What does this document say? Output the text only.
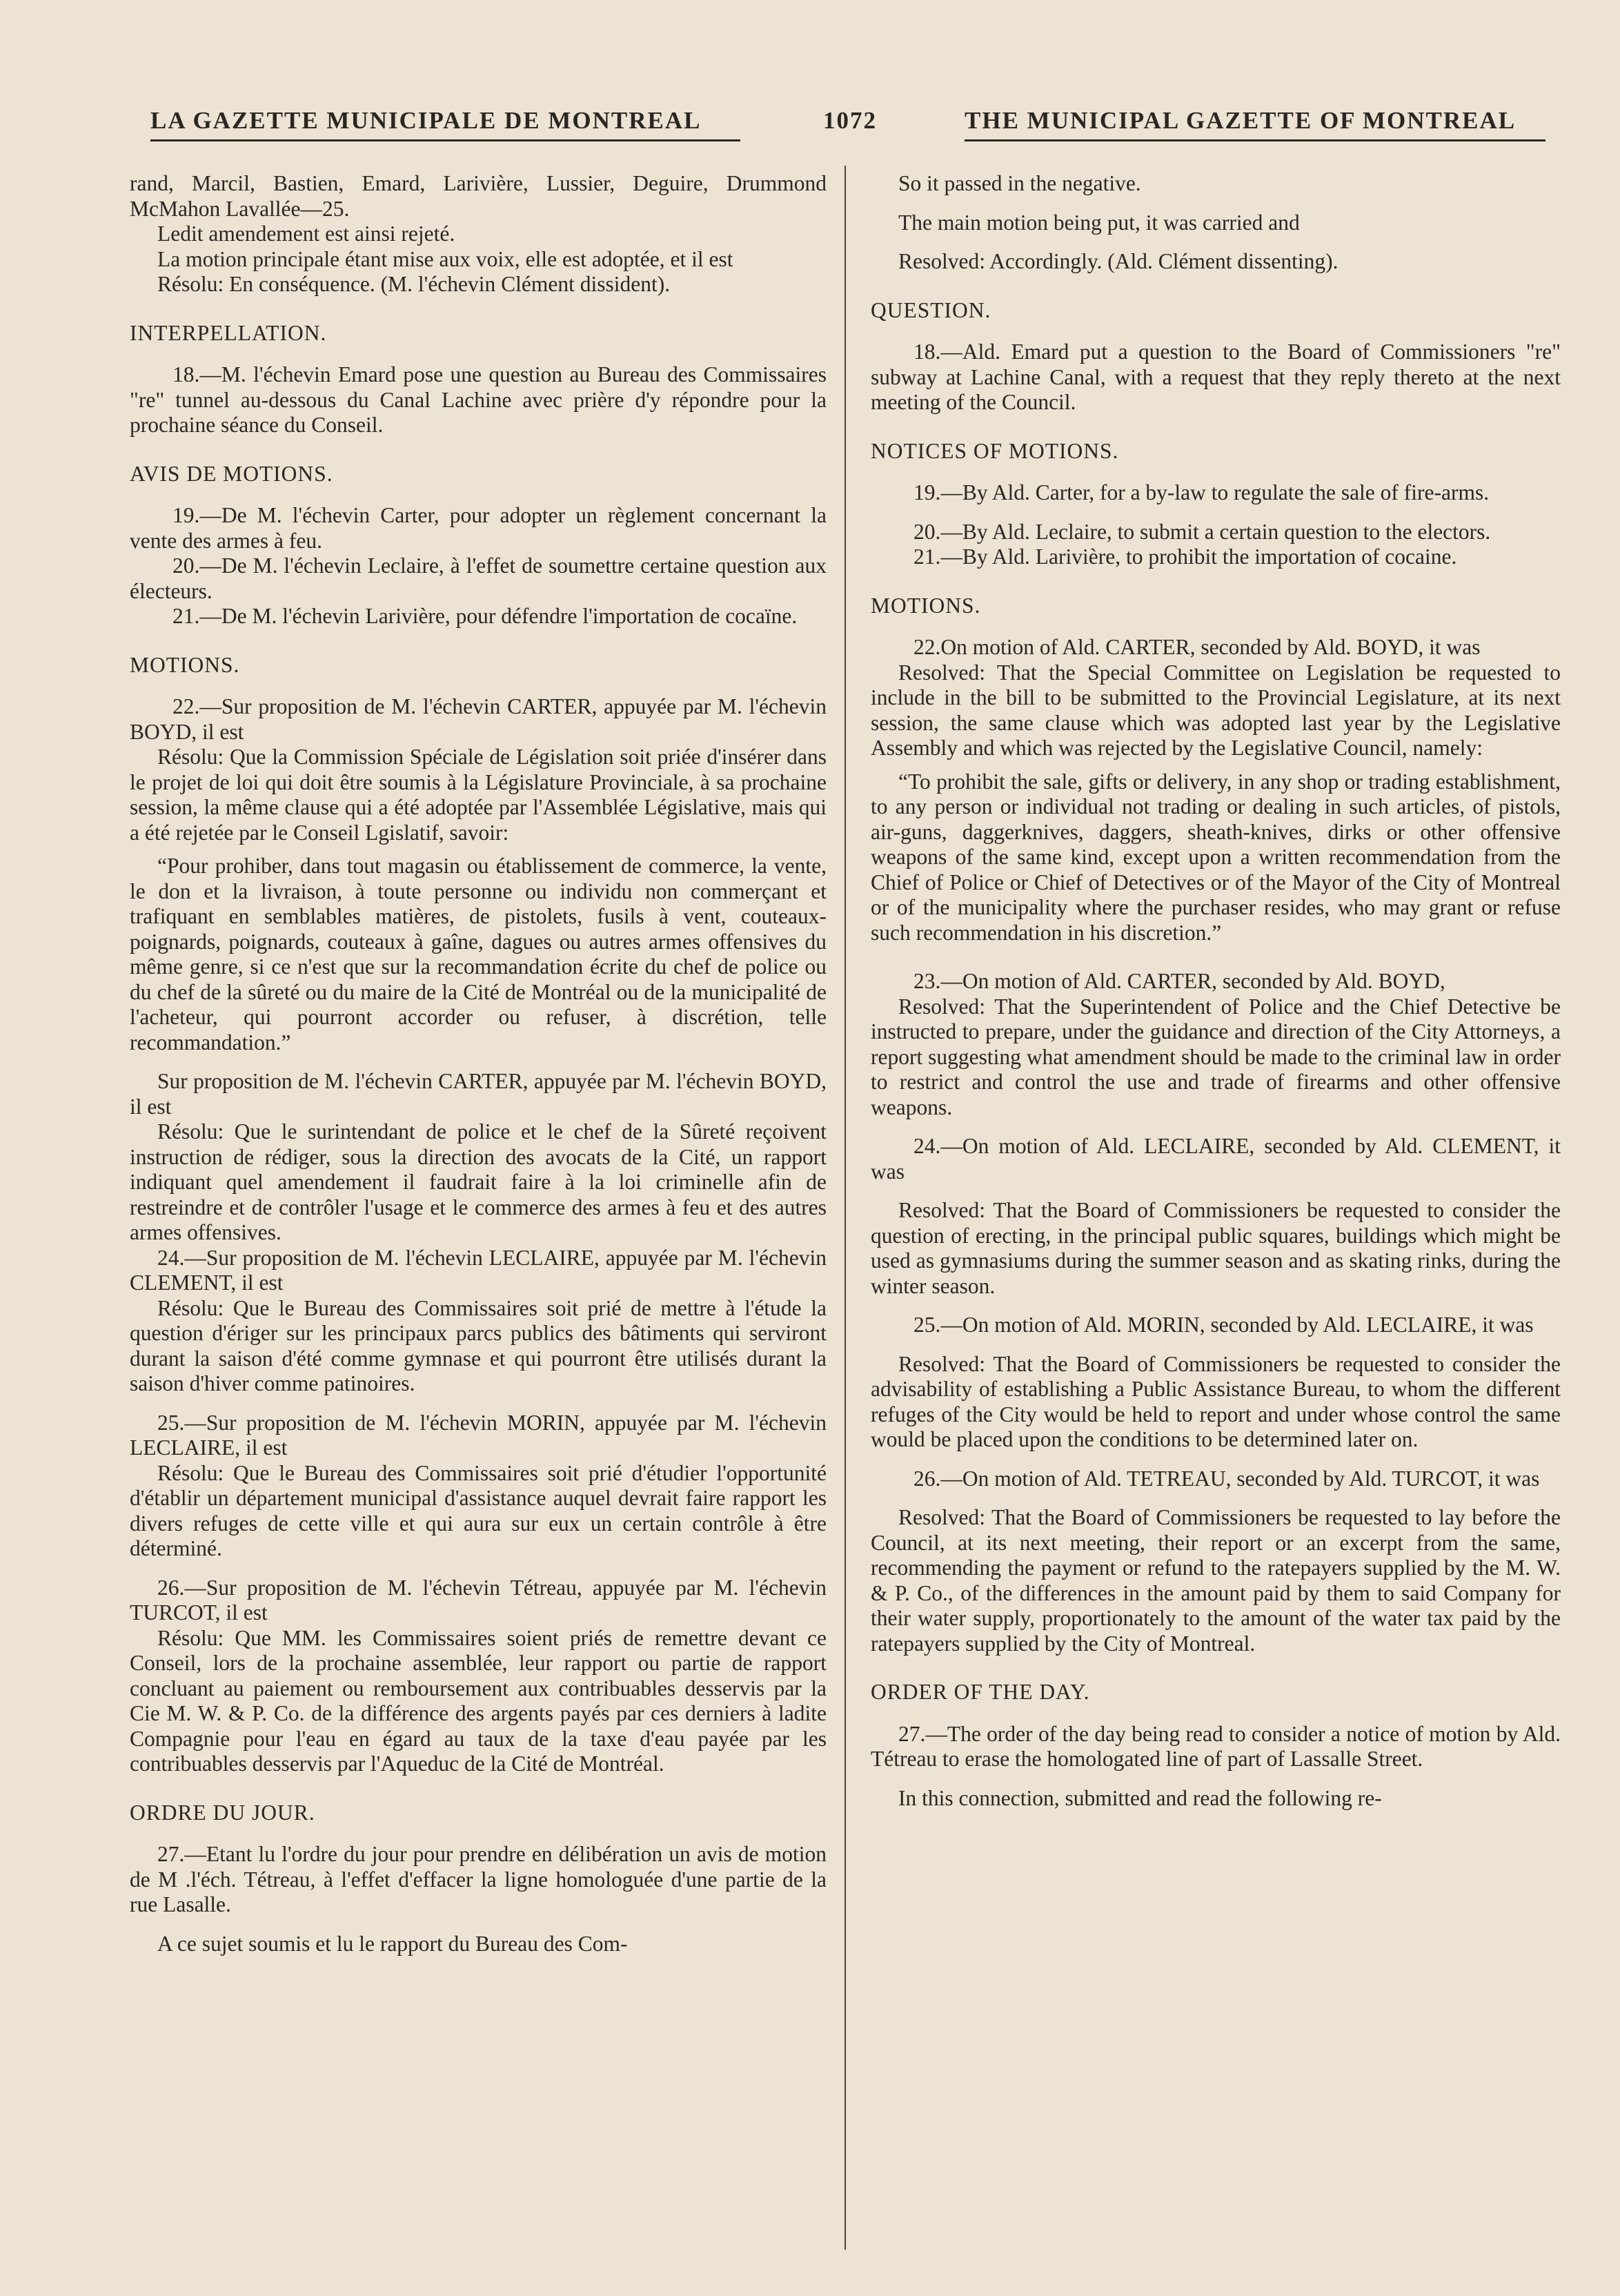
LA GAZETTE MUNICIPALE DE MONTREAL	1072	THE MUNICIPAL GAZETTE OF MONTREAL

rand, Marcil, Bastien, Emard, Larivière, Lussier, Deguire, Drummond McMahon Lavallée—25.

Ledit amendement est ainsi rejeté.

La motion principale étant mise aux voix, elle est adoptée, et il est

Résolu: En conséquence. (M. l'échevin Clément dissident).

INTERPELLATION.

18.—M. l'échevin Emard pose une question au Bureau des Commissaires "re" tunnel au-dessous du Canal Lachine avec prière d'y répondre pour la prochaine séance du Conseil.

AVIS DE MOTIONS.

19.—De M. l'échevin Carter, pour adopter un règlement concernant la vente des armes à feu.

20.—De M. l'échevin Leclaire, à l'effet de soumettre certaine question aux électeurs.

21.—De M. l'échevin Larivière, pour défendre l'importation de cocaïne.

MOTIONS.

22.—Sur proposition de M. l'échevin CARTER, appuyée par M. l'échevin BOYD, il est

Résolu: Que la Commission Spéciale de Législation soit priée d'insérer dans le projet de loi qui doit être soumis à la Législature Provinciale, à sa prochaine session, la même clause qui a été adoptée par l'Assemblée Législative, mais qui a été rejetée par le Conseil Lgislatif, savoir:

“Pour prohiber, dans tout magasin ou établissement de commerce, la vente, le don et la livraison, à toute personne ou individu non commerçant et trafiquant en semblables matières, de pistolets, fusils à vent, couteaux-poignards, poignards, couteaux à gaîne, dagues ou autres armes offensives du même genre, si ce n'est que sur la recommandation écrite du chef de police ou du chef de la sûreté ou du maire de la Cité de Montréal ou de la municipalité de l'acheteur, qui pourront accorder ou refuser, à discrétion, telle recommandation.”

Sur proposition de M. l'échevin CARTER, appuyée par M. l'échevin BOYD, il est

Résolu: Que le surintendant de police et le chef de la Sûreté reçoivent instruction de rédiger, sous la direction des avocats de la Cité, un rapport indiquant quel amendement il faudrait faire à la loi criminelle afin de restreindre et de contrôler l'usage et le commerce des armes à feu et des autres armes offensives.

24.—Sur proposition de M. l'échevin LECLAIRE, appuyée par M. l'échevin CLEMENT, il est

Résolu: Que le Bureau des Commissaires soit prié de mettre à l'étude la question d'ériger sur les principaux parcs publics des bâtiments qui serviront durant la saison d'été comme gymnase et qui pourront être utilisés durant la saison d'hiver comme patinoires.

25.—Sur proposition de M. l'échevin MORIN, appuyée par M. l'échevin LECLAIRE, il est

Résolu: Que le Bureau des Commissaires soit prié d'étudier l'opportunité d'établir un département municipal d'assistance auquel devrait faire rapport les divers refuges de cette ville et qui aura sur eux un certain contrôle à être déterminé.

26.—Sur proposition de M. l'échevin Tétreau, appuyée par M. l'échevin TURCOT, il est

Résolu: Que MM. les Commissaires soient priés de remettre devant ce Conseil, lors de la prochaine assemblée, leur rapport ou partie de rapport concluant au paiement ou remboursement aux contribuables desservis par la Cie M. W. & P. Co. de la différence des argents payés par ces derniers à ladite Compagnie pour l'eau en égard au taux de la taxe d'eau payée par les contribuables desservis par l'Aqueduc de la Cité de Montréal.

ORDRE DU JOUR.

27.—Etant lu l'ordre du jour pour prendre en délibération un avis de motion de M .l'éch. Tétreau, à l'effet d'effacer la ligne homologuée d'une partie de la rue Lasalle.

A ce sujet soumis et lu le rapport du Bureau des Com-

So it passed in the negative.

The main motion being put, it was carried and

Resolved: Accordingly. (Ald. Clément dissenting).

QUESTION.

18.—Ald. Emard put a question to the Board of Commissioners "re" subway at Lachine Canal, with a request that they reply thereto at the next meeting of the Council.

NOTICES OF MOTIONS.

19.—By Ald. Carter, for a by-law to regulate the sale of fire-arms.

20.—By Ald. Leclaire, to submit a certain question to the electors.

21.—By Ald. Larivière, to prohibit the importation of cocaine.

MOTIONS.

22.On motion of Ald. CARTER, seconded by Ald. BOYD, it was

Resolved: That the Special Committee on Legislation be requested to include in the bill to be submitted to the Provincial Legislature, at its next session, the same clause which was adopted last year by the Legislative Assembly and which was rejected by the Legislative Council, namely:

“To prohibit the sale, gifts or delivery, in any shop or trading establishment, to any person or individual not trading or dealing in such articles, of pistols, air-guns, daggerknives, daggers, sheath-knives, dirks or other offensive weapons of the same kind, except upon a written recommendation from the Chief of Police or Chief of Detectives or of the Mayor of the City of Montreal or of the municipality where the purchaser resides, who may grant or refuse such recommendation in his discretion.”

23.—On motion of Ald. CARTER, seconded by Ald. BOYD,

Resolved: That the Superintendent of Police and the Chief Detective be instructed to prepare, under the guidance and direction of the City Attorneys, a report suggesting what amendment should be made to the criminal law in order to restrict and control the use and trade of firearms and other offensive weapons.

24.—On motion of Ald. LECLAIRE, seconded by Ald. CLEMENT, it was

Resolved: That the Board of Commissioners be requested to consider the question of erecting, in the principal public squares, buildings which might be used as gymnasiums during the summer season and as skating rinks, during the winter season.

25.—On motion of Ald. MORIN, seconded by Ald. LECLAIRE, it was

Resolved: That the Board of Commissioners be requested to consider the advisability of establishing a Public Assistance Bureau, to whom the different refuges of the City would be held to report and under whose control the same would be placed upon the conditions to be determined later on.

26.—On motion of Ald. TETREAU, seconded by Ald. TURCOT, it was

Resolved: That the Board of Commissioners be requested to lay before the Council, at its next meeting, their report or an excerpt from the same, recommending the payment or refund to the ratepayers supplied by the M. W. & P. Co., of the differences in the amount paid by them to said Company for their water supply, proportionately to the amount of the water tax paid by the ratepayers supplied by the City of Montreal.

ORDER OF THE DAY.

27.—The order of the day being read to consider a notice of motion by Ald. Tétreau to erase the homologated line of part of Lassalle Street.

In this connection, submitted and read the following re-
